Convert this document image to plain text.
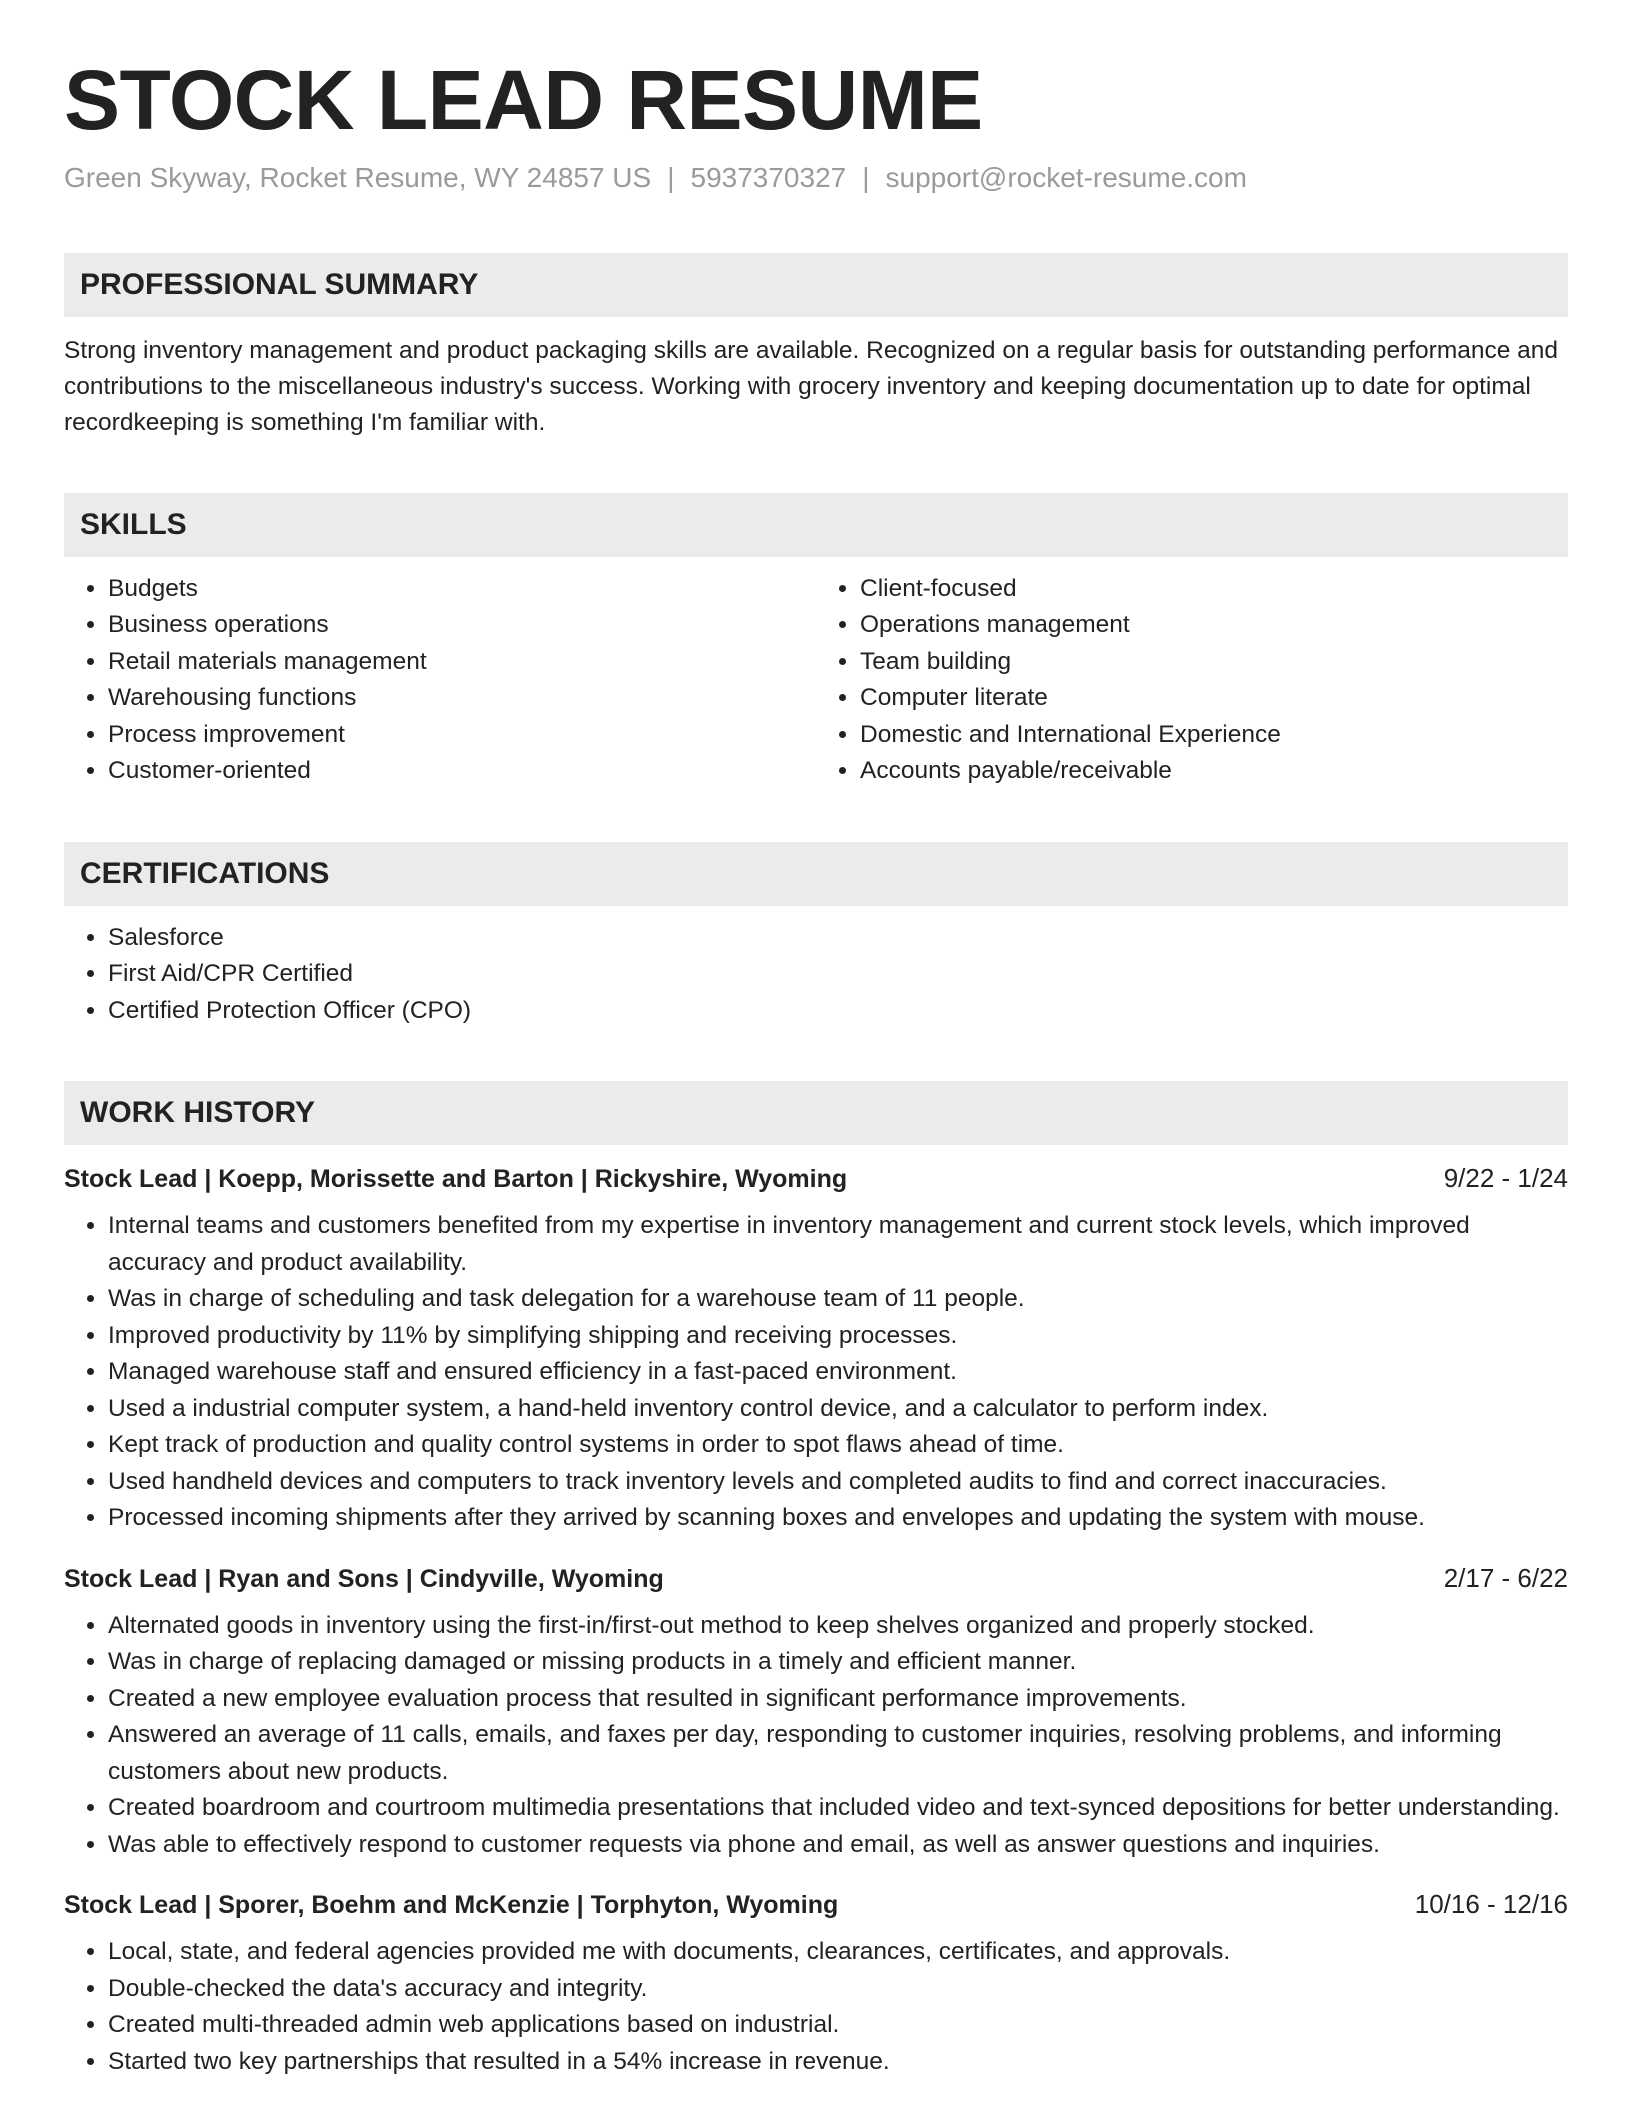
STOCK LEAD RESUME
Green Skyway, Rocket Resume, WY 24857 US | 5937370327 | support@rocket-resume.com
PROFESSIONAL SUMMARY
Strong inventory management and product packaging skills are available. Recognized on a regular basis for outstanding performance and contributions to the miscellaneous industry's success. Working with grocery inventory and keeping documentation up to date for optimal recordkeeping is something I'm familiar with.
SKILLS
• Budgets
• Business operations
• Retail materials management
• Warehousing functions
• Process improvement
• Customer-oriented
• Client-focused
• Operations management
• Team building
• Computer literate
• Domestic and International Experience
• Accounts payable/receivable
CERTIFICATIONS
• Salesforce
• First Aid/CPR Certified
• Certified Protection Officer (CPO)
WORK HISTORY
Stock Lead | Koepp, Morissette and Barton | Rickyshire, Wyoming	9/22 - 1/24
• Internal teams and customers benefited from my expertise in inventory management and current stock levels, which improved accuracy and product availability.
• Was in charge of scheduling and task delegation for a warehouse team of 11 people.
• Improved productivity by 11% by simplifying shipping and receiving processes.
• Managed warehouse staff and ensured efficiency in a fast-paced environment.
• Used a industrial computer system, a hand-held inventory control device, and a calculator to perform index.
• Kept track of production and quality control systems in order to spot flaws ahead of time.
• Used handheld devices and computers to track inventory levels and completed audits to find and correct inaccuracies.
• Processed incoming shipments after they arrived by scanning boxes and envelopes and updating the system with mouse.
Stock Lead | Ryan and Sons | Cindyville, Wyoming	2/17 - 6/22
• Alternated goods in inventory using the first-in/first-out method to keep shelves organized and properly stocked.
• Was in charge of replacing damaged or missing products in a timely and efficient manner.
• Created a new employee evaluation process that resulted in significant performance improvements.
• Answered an average of 11 calls, emails, and faxes per day, responding to customer inquiries, resolving problems, and informing customers about new products.
• Created boardroom and courtroom multimedia presentations that included video and text-synced depositions for better understanding.
• Was able to effectively respond to customer requests via phone and email, as well as answer questions and inquiries.
Stock Lead | Sporer, Boehm and McKenzie | Torphyton, Wyoming	10/16 - 12/16
• Local, state, and federal agencies provided me with documents, clearances, certificates, and approvals.
• Double-checked the data's accuracy and integrity.
• Created multi-threaded admin web applications based on industrial.
• Started two key partnerships that resulted in a 54% increase in revenue.
